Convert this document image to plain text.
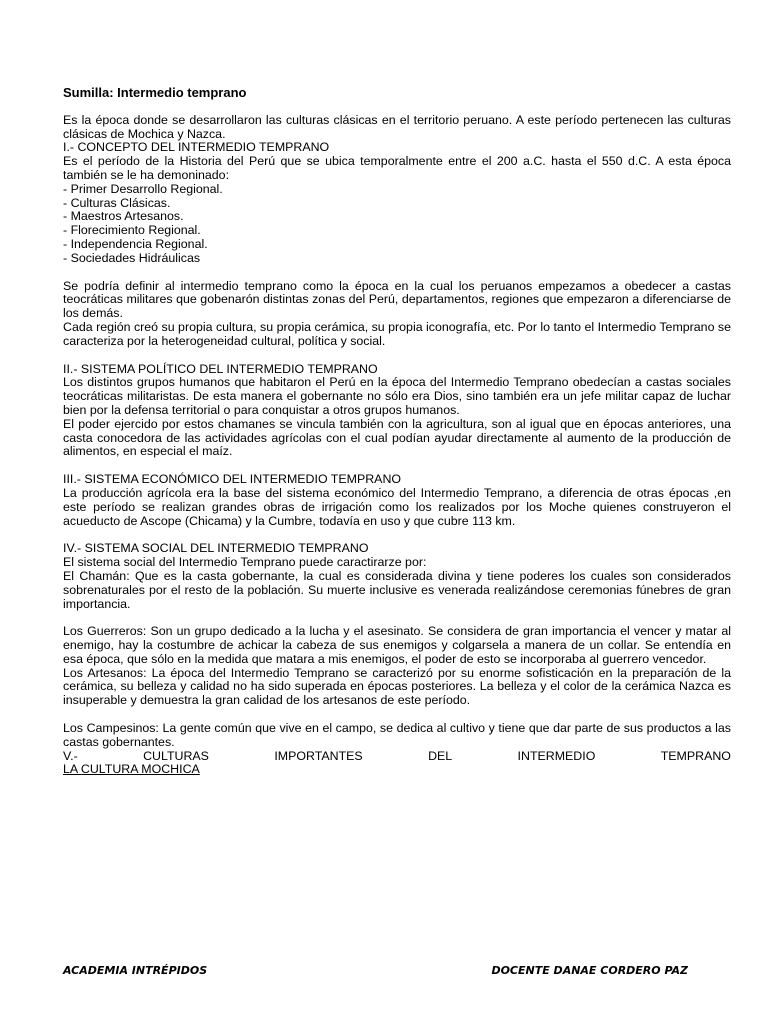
Sumilla: Intermedio temprano

Es la época donde se desarrollaron las culturas clásicas en el territorio peruano. A este período pertenecen las culturas clásicas de Mochica y Nazca.

I.- CONCEPTO DEL INTERMEDIO TEMPRANO

Es el período de la Historia del Perú que se ubica temporalmente entre el 200 a.C. hasta el 550 d.C. A esta época también se le ha demoninado:

- Primer Desarrollo Regional.
- Culturas Clásicas.
- Maestros Artesanos.
- Florecimiento Regional.
- Independencia Regional.
- Sociedades Hidráulicas

Se podría definir al intermedio temprano como la época en la cual los peruanos empezamos a obedecer a castas teocráticas militares que gobenarón distintas zonas del Perú, departamentos, regiones que empezaron a diferenciarse de los demás.

Cada región creó su propia cultura, su propia cerámica, su propia iconografía, etc. Por lo tanto el Intermedio Temprano se caracteriza por la heterogeneidad cultural, política y social.

II.- SISTEMA POLÍTICO DEL INTERMEDIO TEMPRANO

Los distintos grupos humanos que habitaron el Perú en la época del Intermedio Temprano obedecían a castas sociales teocráticas militaristas. De esta manera el gobernante no sólo era Dios, sino también era un jefe militar capaz de luchar bien por la defensa territorial o para conquistar a otros grupos humanos.

El poder ejercido por estos chamanes se vincula también con la agricultura, son al igual que en épocas anteriores, una casta conocedora de las actividades agrícolas con el cual podían ayudar directamente al aumento de la producción de alimentos, en especial el maíz.

III.- SISTEMA ECONÓMICO DEL INTERMEDIO TEMPRANO

La producción agrícola era la base del sistema económico del Intermedio Temprano, a diferencia de otras épocas ,en este período se realizan grandes obras de irrigación como los realizados por los Moche quienes construyeron el acueducto de Ascope (Chicama) y la Cumbre, todavía en uso y que cubre 113 km.

IV.- SISTEMA SOCIAL DEL INTERMEDIO TEMPRANO

El sistema social del Intermedio Temprano puede caractirarze por:

El Chamán: Que es la casta gobernante, la cual es considerada divina y tiene poderes los cuales son considerados sobrenaturales por el resto de la población. Su muerte inclusive es venerada realizándose ceremonias fúnebres de gran importancia.

Los Guerreros: Son un grupo dedicado a la lucha y el asesinato. Se considera de gran importancia el vencer y matar al enemigo, hay la costumbre de achicar la cabeza de sus enemigos y colgarsela a manera de un collar. Se entendía en esa época, que sólo en la medida que matara a mis enemigos, el poder de esto se incorporaba al guerrero vencedor.

Los Artesanos: La época del Intermedio Temprano se caracterizó por su enorme sofisticación en la preparación de la cerámica, su belleza y calidad no ha sido superada en épocas posteriores. La belleza y el color de la cerámica Nazca es insuperable y demuestra la gran calidad de los artesanos de este período.

Los Campesinos: La gente común que vive en el campo, se dedica al cultivo y tiene que dar parte de sus productos a las castas gobernantes.

V.-	CULTURAS	IMPORTANTES	DEL	INTERMEDIO	TEMPRANO

LA CULTURA MOCHICA

ACADEMIA INTRÉPIDOS	DOCENTE DANAE CORDERO PAZ
